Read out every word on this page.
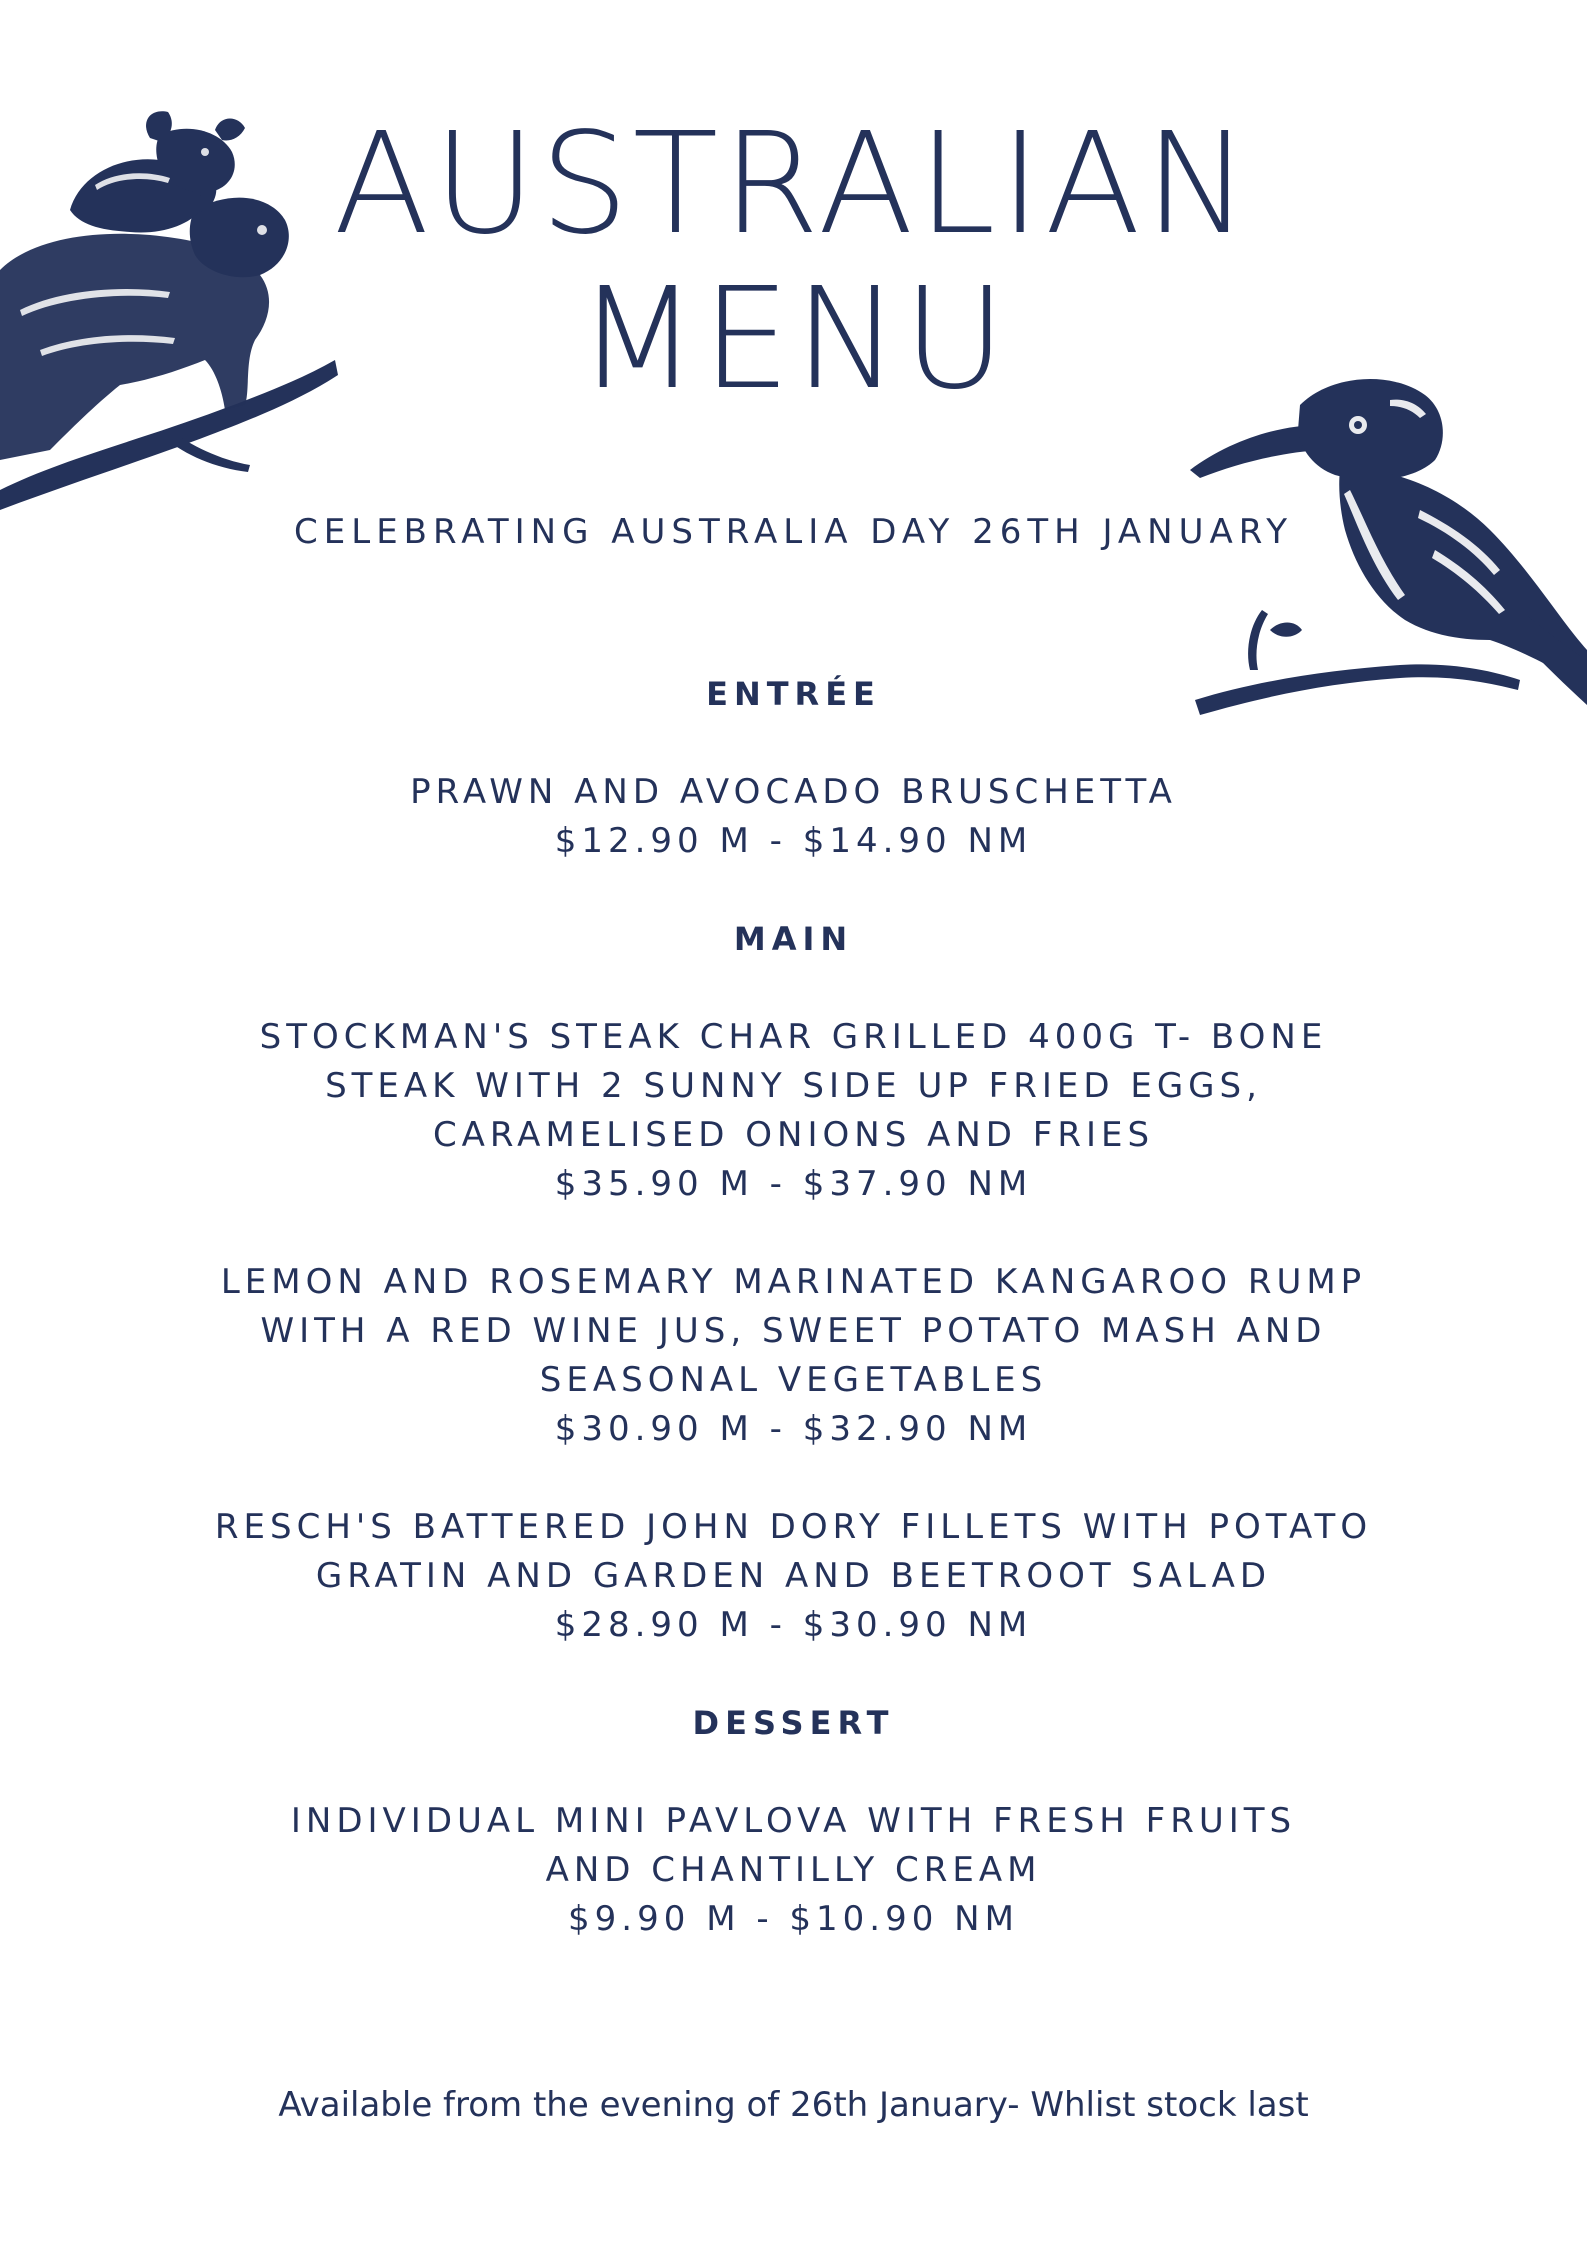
AUSTRALIAN
MENU
CELEBRATING AUSTRALIA DAY 26TH JANUARY
ENTRÉE
PRAWN AND AVOCADO BRUSCHETTA
$12.90 M - $14.90 NM
MAIN
STOCKMAN'S STEAK CHAR GRILLED 400G T- BONE
STEAK WITH 2 SUNNY SIDE UP FRIED EGGS,
CARAMELISED ONIONS AND FRIES
$35.90 M - $37.90 NM
LEMON AND ROSEMARY MARINATED KANGAROO RUMP
WITH A RED WINE JUS, SWEET POTATO MASH AND
SEASONAL VEGETABLES
$30.90 M - $32.90 NM
RESCH'S BATTERED JOHN DORY FILLETS WITH POTATO
GRATIN AND GARDEN AND BEETROOT SALAD
$28.90 M - $30.90 NM
DESSERT
INDIVIDUAL MINI PAVLOVA WITH FRESH FRUITS
AND CHANTILLY CREAM
$9.90 M - $10.90 NM
Available from the evening of 26th January- Whlist stock last
